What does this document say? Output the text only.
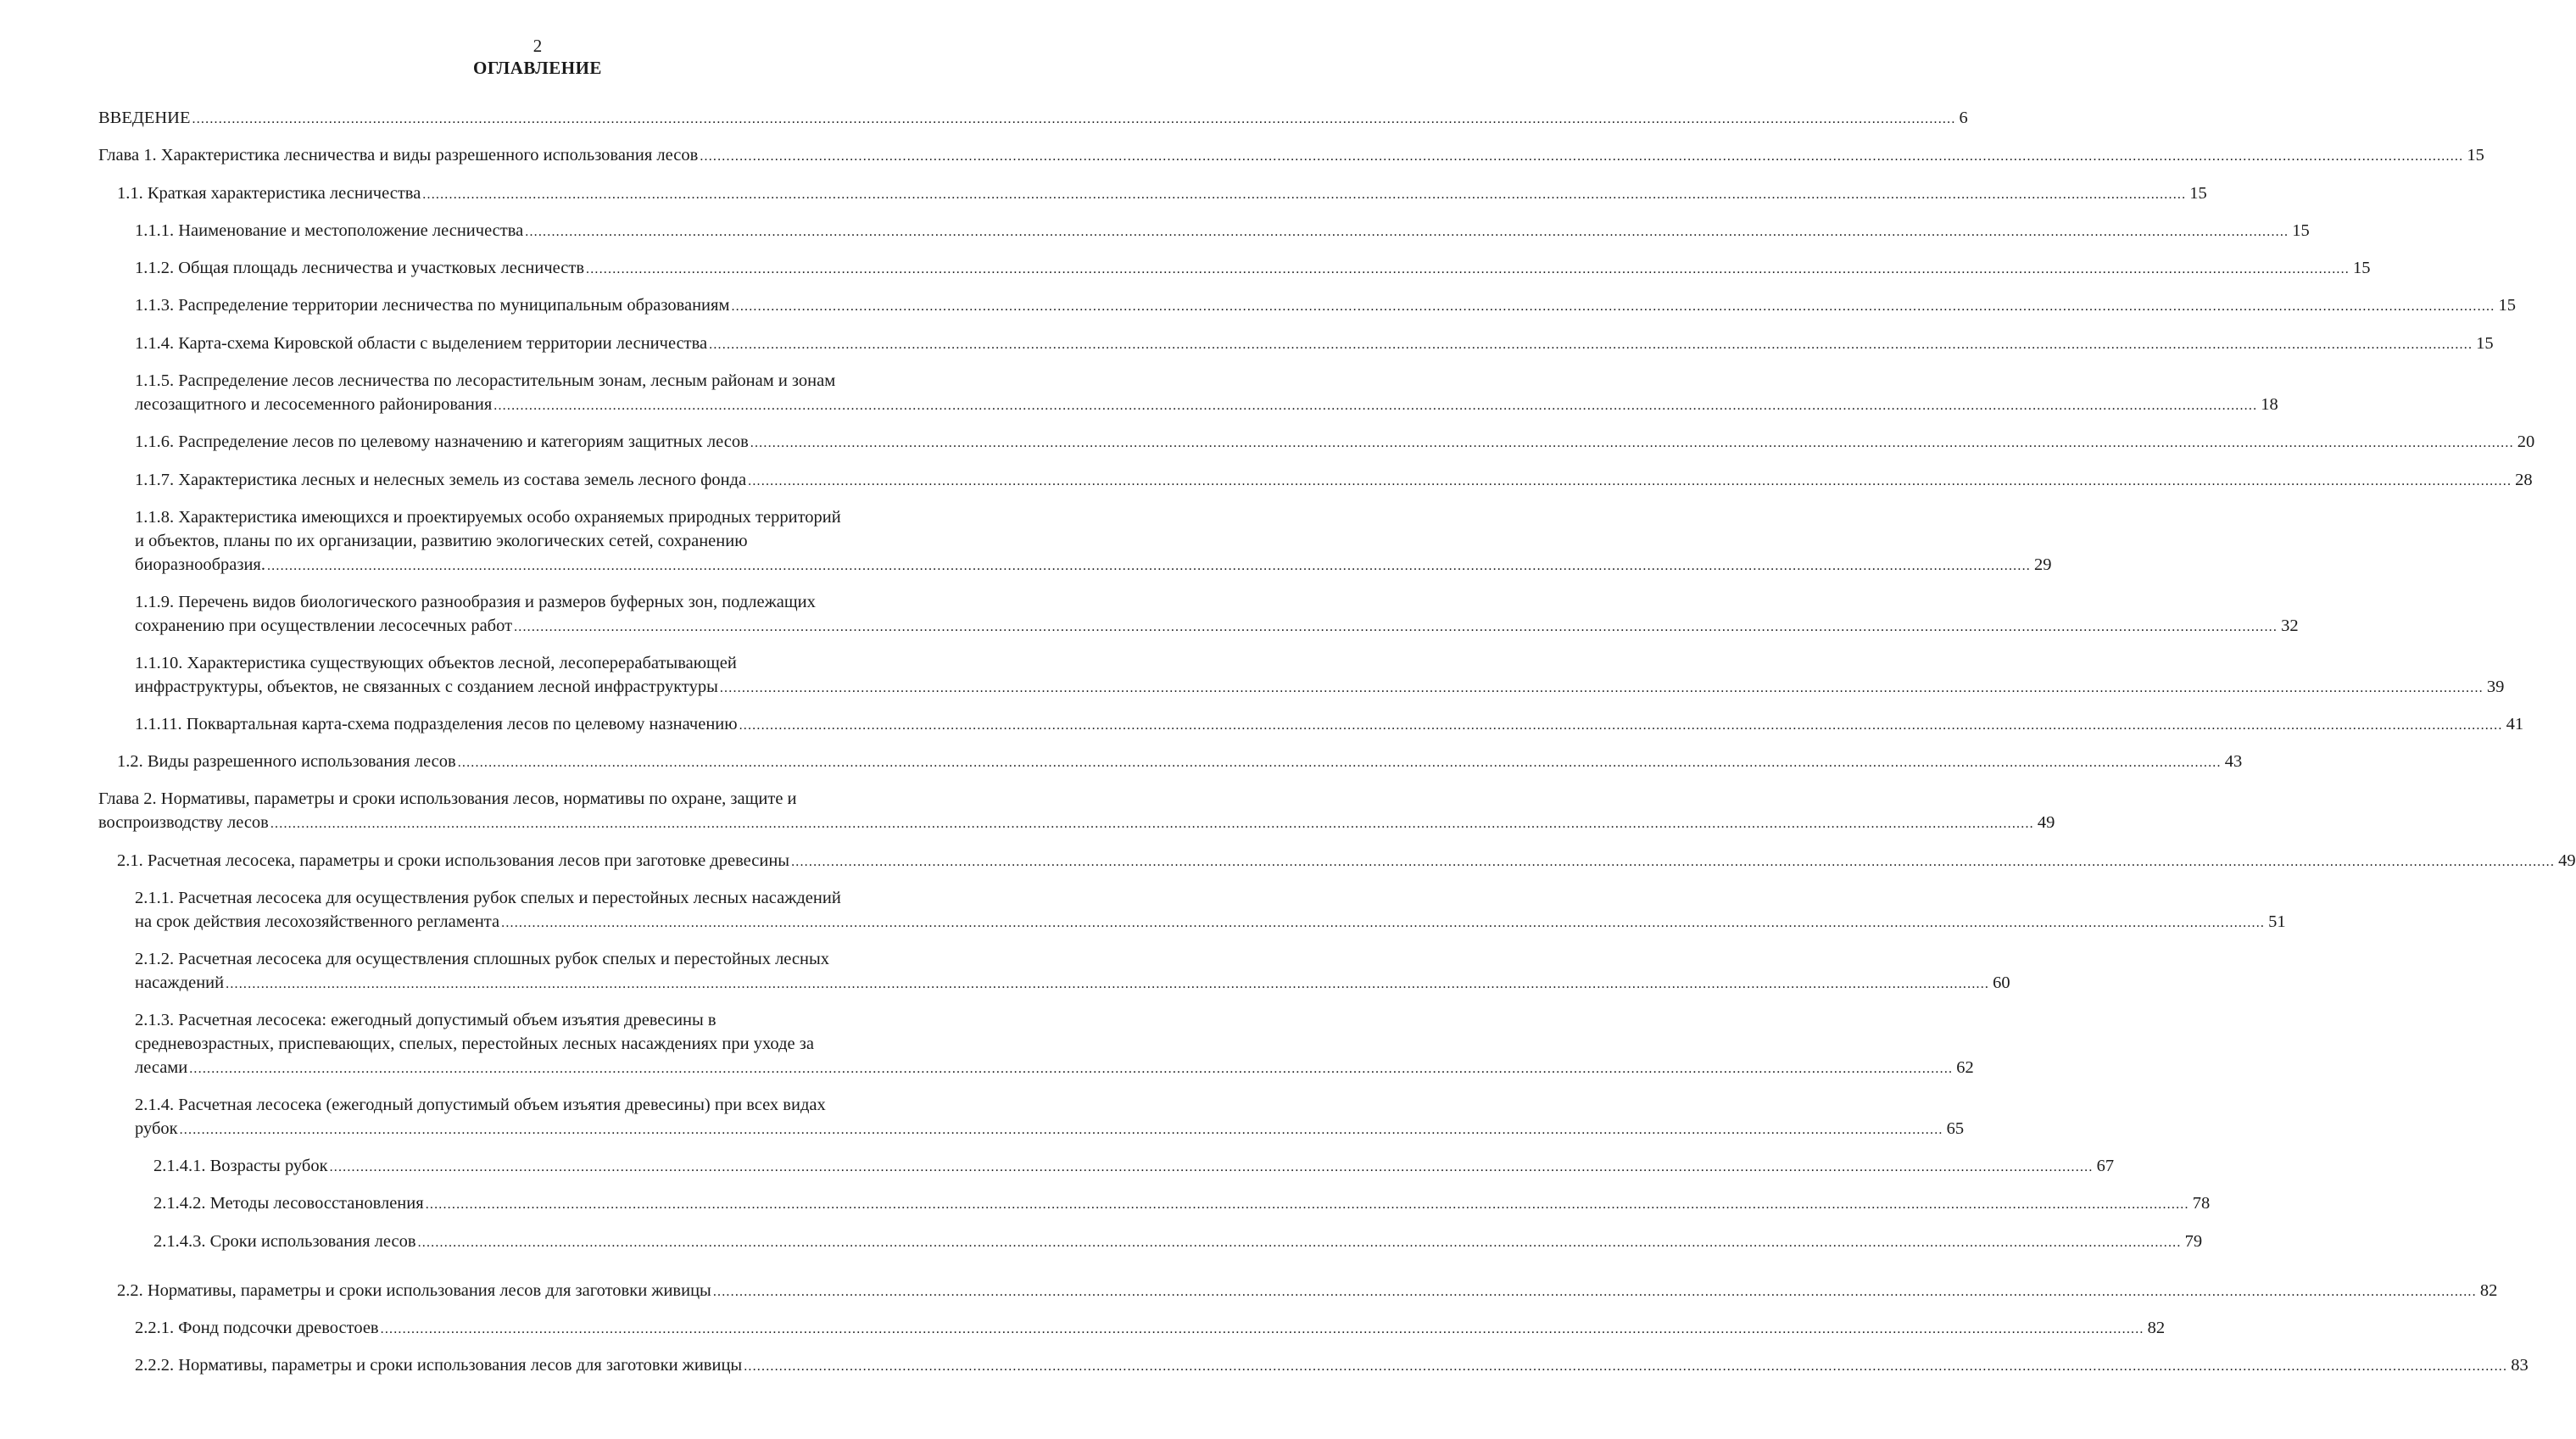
2
ОГЛАВЛЕНИЕ
ВВЕДЕНИЕ ................................................................................................................................................................................................................................................................................................................................................................................................................ 6
Глава 1. Характеристика лесничества и виды разрешенного использования лесов ................................................................................................................................................................................................................................................................................................................................................................................................................ 15
1.1. Краткая характеристика лесничества ................................................................................................................................................................................................................................................................................................................................................................................................................ 15
1.1.1. Наименование и местоположение лесничества ................................................................................................................................................................................................................................................................................................................................................................................................................ 15
1.1.2. Общая площадь лесничества и участковых лесничеств ................................................................................................................................................................................................................................................................................................................................................................................................................ 15
1.1.3. Распределение территории лесничества по муниципальным образованиям ................................................................................................................................................................................................................................................................................................................................................................................................................ 15
1.1.4. Карта-схема Кировской области с выделением территории лесничества ................................................................................................................................................................................................................................................................................................................................................................................................................ 15
1.1.5. Распределение лесов лесничества по лесорастительным зонам, лесным районам и зонам
лесозащитного и лесосеменного районирования ................................................................................................................................................................................................................................................................................................................................................................................................................ 18
1.1.6. Распределение лесов по целевому назначению и категориям защитных лесов ................................................................................................................................................................................................................................................................................................................................................................................................................ 20
1.1.7. Характеристика лесных и нелесных земель из состава земель лесного фонда ................................................................................................................................................................................................................................................................................................................................................................................................................ 28
1.1.8. Характеристика имеющихся и проектируемых особо охраняемых природных территорий
и объектов, планы по их организации, развитию экологических сетей, сохранению
биоразнообразия. ................................................................................................................................................................................................................................................................................................................................................................................................................ 29
1.1.9. Перечень видов биологического разнообразия и размеров буферных зон, подлежащих
сохранению при осуществлении лесосечных работ ................................................................................................................................................................................................................................................................................................................................................................................................................ 32
1.1.10. Характеристика существующих объектов лесной, лесоперерабатывающей
инфраструктуры, объектов, не связанных с созданием лесной инфраструктуры ................................................................................................................................................................................................................................................................................................................................................................................................................ 39
1.1.11. Поквартальная карта-схема подразделения лесов по целевому назначению ................................................................................................................................................................................................................................................................................................................................................................................................................ 41
1.2. Виды разрешенного использования лесов ................................................................................................................................................................................................................................................................................................................................................................................................................ 43
Глава 2. Нормативы, параметры и сроки использования лесов, нормативы по охране, защите и
воспроизводству лесов ................................................................................................................................................................................................................................................................................................................................................................................................................ 49
2.1. Расчетная лесосека, параметры и сроки использования лесов при заготовке древесины ................................................................................................................................................................................................................................................................................................................................................................................................................ 49
2.1.1. Расчетная лесосека для осуществления рубок спелых и перестойных лесных насаждений
на срок действия лесохозяйственного регламента ................................................................................................................................................................................................................................................................................................................................................................................................................ 51
2.1.2. Расчетная лесосека для осуществления сплошных рубок спелых и перестойных лесных
насаждений ................................................................................................................................................................................................................................................................................................................................................................................................................ 60
2.1.3. Расчетная лесосека: ежегодный допустимый объем изъятия древесины в
средневозрастных, приспевающих, спелых, перестойных лесных насаждениях при уходе за
лесами ................................................................................................................................................................................................................................................................................................................................................................................................................ 62
2.1.4. Расчетная лесосека (ежегодный допустимый объем изъятия древесины) при всех видах
рубок ................................................................................................................................................................................................................................................................................................................................................................................................................ 65
2.1.4.1. Возрасты рубок ................................................................................................................................................................................................................................................................................................................................................................................................................ 67
2.1.4.2. Методы лесовосстановления ................................................................................................................................................................................................................................................................................................................................................................................................................ 78
2.1.4.3. Сроки использования лесов ................................................................................................................................................................................................................................................................................................................................................................................................................ 79
2.2. Нормативы, параметры и сроки использования лесов для заготовки живицы ................................................................................................................................................................................................................................................................................................................................................................................................................ 82
2.2.1. Фонд подсочки древостоев ................................................................................................................................................................................................................................................................................................................................................................................................................ 82
2.2.2. Нормативы, параметры и сроки использования лесов для заготовки живицы ................................................................................................................................................................................................................................................................................................................................................................................................................ 83
